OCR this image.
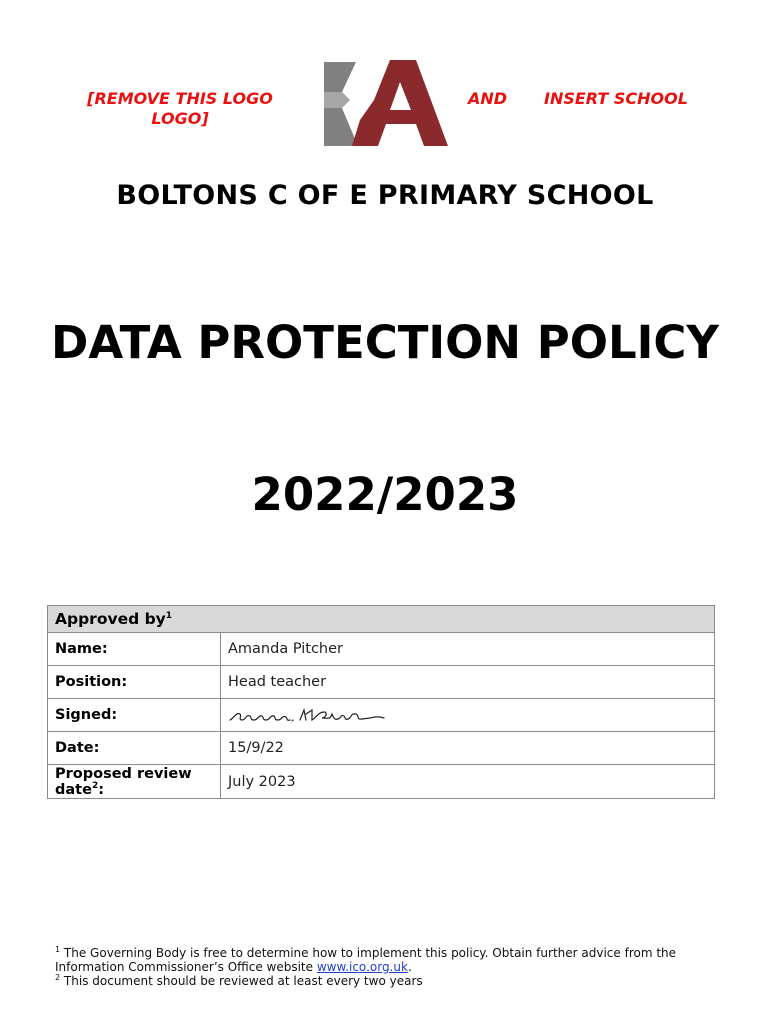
[REMOVE THIS LOGO LOGO]

AND INSERT SCHOOL

BOLTONS C OF E PRIMARY SCHOOL
DATA PROTECTION POLICY
2022/2023
Approved $by^1$
Name:	Amanda Pitcher
Position:	Head teacher
Signed:	

Date:	15/9/22
Proposed review date$^2$:	July 2023

$^1$ The Governing Body is free to determine how to implement this policy. Obtain further advice from the Information Commissioner’s Office website www.ico.org.uk.

$^2$ This document should be reviewed at least every two years
